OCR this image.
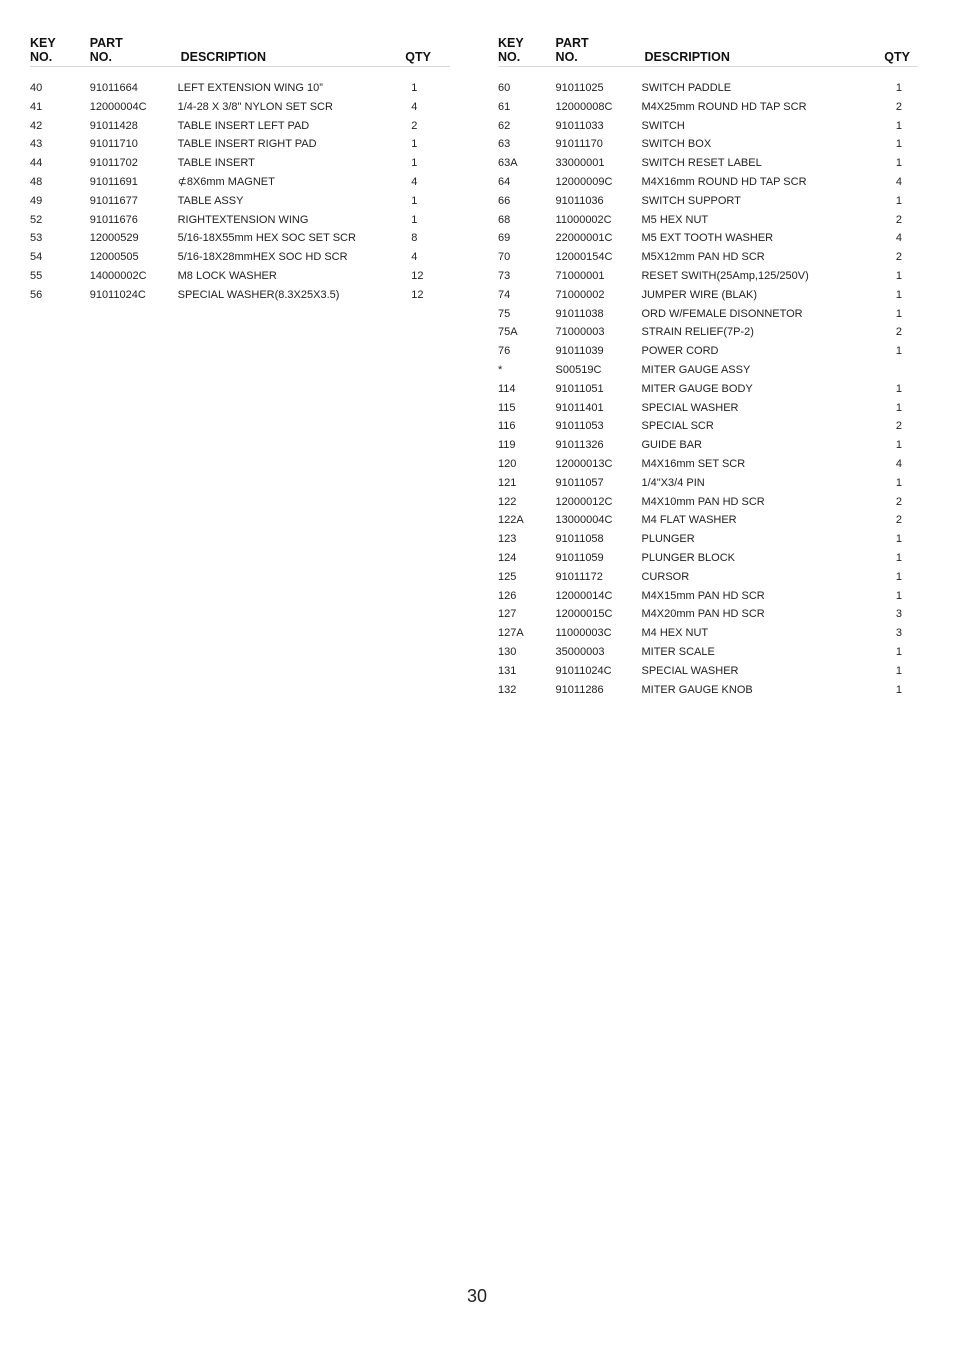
KEY
NO.	PART
NO.	DESCRIPTION	QTY
40	91011664	LEFT EXTENSION WING 10”	1
41	12000004C	1/4-28 X 3/8" NYLON SET SCR	4
42	91011428	TABLE INSERT LEFT PAD	2
43	91011710	TABLE INSERT RIGHT PAD	1
44	91011702	TABLE INSERT	1
48	91011691	⊄8X6mm MAGNET	4
49	91011677	TABLE ASSY	1
52	91011676	RIGHTEXTENSION WING	1
53	12000529	5/16-18X55mm HEX SOC SET SCR	8
54	12000505	5/16-18X28mmHEX SOC HD SCR	4
55	14000002C	M8 LOCK WASHER	12
56	91011024C	SPECIAL WASHER(8.3X25X3.5)	12
KEY
NO.	PART
NO.	DESCRIPTION	QTY
60	91011025	SWITCH PADDLE	1
61	12000008C	M4X25mm ROUND HD TAP SCR	2
62	91011033	SWITCH	1
63	91011170	SWITCH BOX	1
63A	33000001	SWITCH RESET LABEL	1
64	12000009C	M4X16mm ROUND HD TAP SCR	4
66	91011036	SWITCH SUPPORT	1
68	11000002C	M5 HEX NUT	2
69	22000001C	M5 EXT TOOTH WASHER	4
70	12000154C	M5X12mm PAN HD SCR	2
73	71000001	RESET SWITH(25Amp,125/250V)	1
74	71000002	JUMPER WIRE (BLAK)	1
75	91011038	ORD W/FEMALE DISONNETOR	1
75A	71000003	STRAIN RELIEF(7P-2)	2
76	91011039	POWER CORD	1
*	S00519C	MITER GAUGE ASSY	
114	91011051	MITER GAUGE BODY	1
115	91011401	SPECIAL WASHER	1
116	91011053	SPECIAL SCR	2
119	91011326	GUIDE BAR	1
120	12000013C	M4X16mm SET SCR	4
121	91011057	1/4"X3/4 PIN	1
122	12000012C	M4X10mm PAN HD SCR	2
122A	13000004C	M4 FLAT WASHER	2
123	91011058	PLUNGER	1
124	91011059	PLUNGER BLOCK	1
125	91011172	CURSOR	1
126	12000014C	M4X15mm PAN HD SCR	1
127	12000015C	M4X20mm PAN HD SCR	3
127A	11000003C	M4 HEX NUT	3
130	35000003	MITER SCALE	1
131	91011024C	SPECIAL WASHER	1
132	91011286	MITER GAUGE KNOB	1
30
